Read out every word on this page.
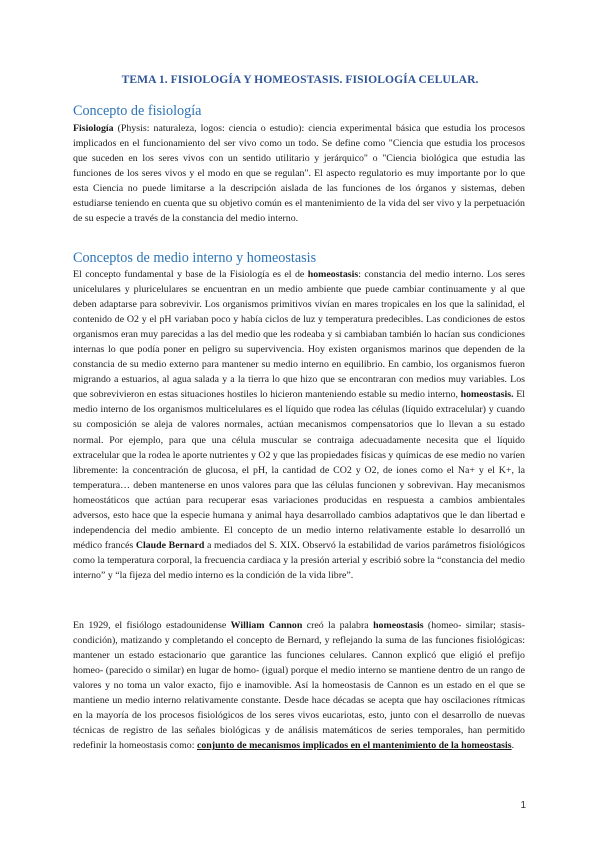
TEMA 1. FISIOLOGÍA Y HOMEOSTASIS. FISIOLOGÍA CELULAR.
Concepto de fisiología
Fisiología (Physis: naturaleza, logos: ciencia o estudio): ciencia experimental básica que estudia los procesos implicados en el funcionamiento del ser vivo como un todo. Se define como "Ciencia que estudia los procesos que suceden en los seres vivos con un sentido utilitario y jerárquico" o "Ciencia biológica que estudia las funciones de los seres vivos y el modo en que se regulan". El aspecto regulatorio es muy importante por lo que esta Ciencia no puede limitarse a la descripción aislada de las funciones de los órganos y sistemas, deben estudiarse teniendo en cuenta que su objetivo común es el mantenimiento de la vida del ser vivo y la perpetuación de su especie a través de la constancia del medio interno.
Conceptos de medio interno y homeostasis
El concepto fundamental y base de la Fisiología es el de homeostasis: constancia del medio interno. Los seres unicelulares y pluricelulares se encuentran en un medio ambiente que puede cambiar continuamente y al que deben adaptarse para sobrevivir. Los organismos primitivos vivían en mares tropicales en los que la salinidad, el contenido de O2 y el pH variaban poco y había ciclos de luz y temperatura predecibles. Las condiciones de estos organismos eran muy parecidas a las del medio que les rodeaba y si cambiaban también lo hacían sus condiciones internas lo que podía poner en peligro su supervivencia. Hoy existen organismos marinos que dependen de la constancia de su medio externo para mantener su medio interno en equilibrio. En cambio, los organismos fueron migrando a estuarios, al agua salada y a la tierra lo que hizo que se encontraran con medios muy variables. Los que sobrevivieron en estas situaciones hostiles lo hicieron manteniendo estable su medio interno, homeostasis. El medio interno de los organismos multicelulares es el líquido que rodea las células (líquido extracelular) y cuando su composición se aleja de valores normales, actúan mecanismos compensatorios que lo llevan a su estado normal. Por ejemplo, para que una célula muscular se contraiga adecuadamente necesita que el líquido extracelular que la rodea le aporte nutrientes y O2 y que las propiedades físicas y químicas de ese medio no varíen libremente: la concentración de glucosa, el pH, la cantidad de CO2 y O2, de iones como el Na+ y el K+, la temperatura… deben mantenerse en unos valores para que las células funcionen y sobrevivan. Hay mecanismos homeostáticos que actúan para recuperar esas variaciones producidas en respuesta a cambios ambientales adversos, esto hace que la especie humana y animal haya desarrollado cambios adaptativos que le dan libertad e independencia del medio ambiente. El concepto de un medio interno relativamente estable lo desarrolló un médico francés Claude Bernard a mediados del S. XIX. Observó la estabilidad de varios parámetros fisiológicos como la temperatura corporal, la frecuencia cardiaca y la presión arterial y escribió sobre la “constancia del medio interno” y “la fijeza del medio interno es la condición de la vida libre”.
En 1929, el fisiólogo estadounidense William Cannon creó la palabra homeostasis (homeo- similar; stasis- condición), matizando y completando el concepto de Bernard, y reflejando la suma de las funciones fisiológicas: mantener un estado estacionario que garantice las funciones celulares. Cannon explicó que eligió el prefijo homeo- (parecido o similar) en lugar de homo- (igual) porque el medio interno se mantiene dentro de un rango de valores y no toma un valor exacto, fijo e inamovible. Así la homeostasis de Cannon es un estado en el que se mantiene un medio interno relativamente constante. Desde hace décadas se acepta que hay oscilaciones rítmicas en la mayoría de los procesos fisiológicos de los seres vivos eucariotas, esto, junto con el desarrollo de nuevas técnicas de registro de las señales biológicas y de análisis matemáticos de series temporales, han permitido redefinir la homeostasis como: conjunto de mecanismos implicados en el mantenimiento de la homeostasis.
1
